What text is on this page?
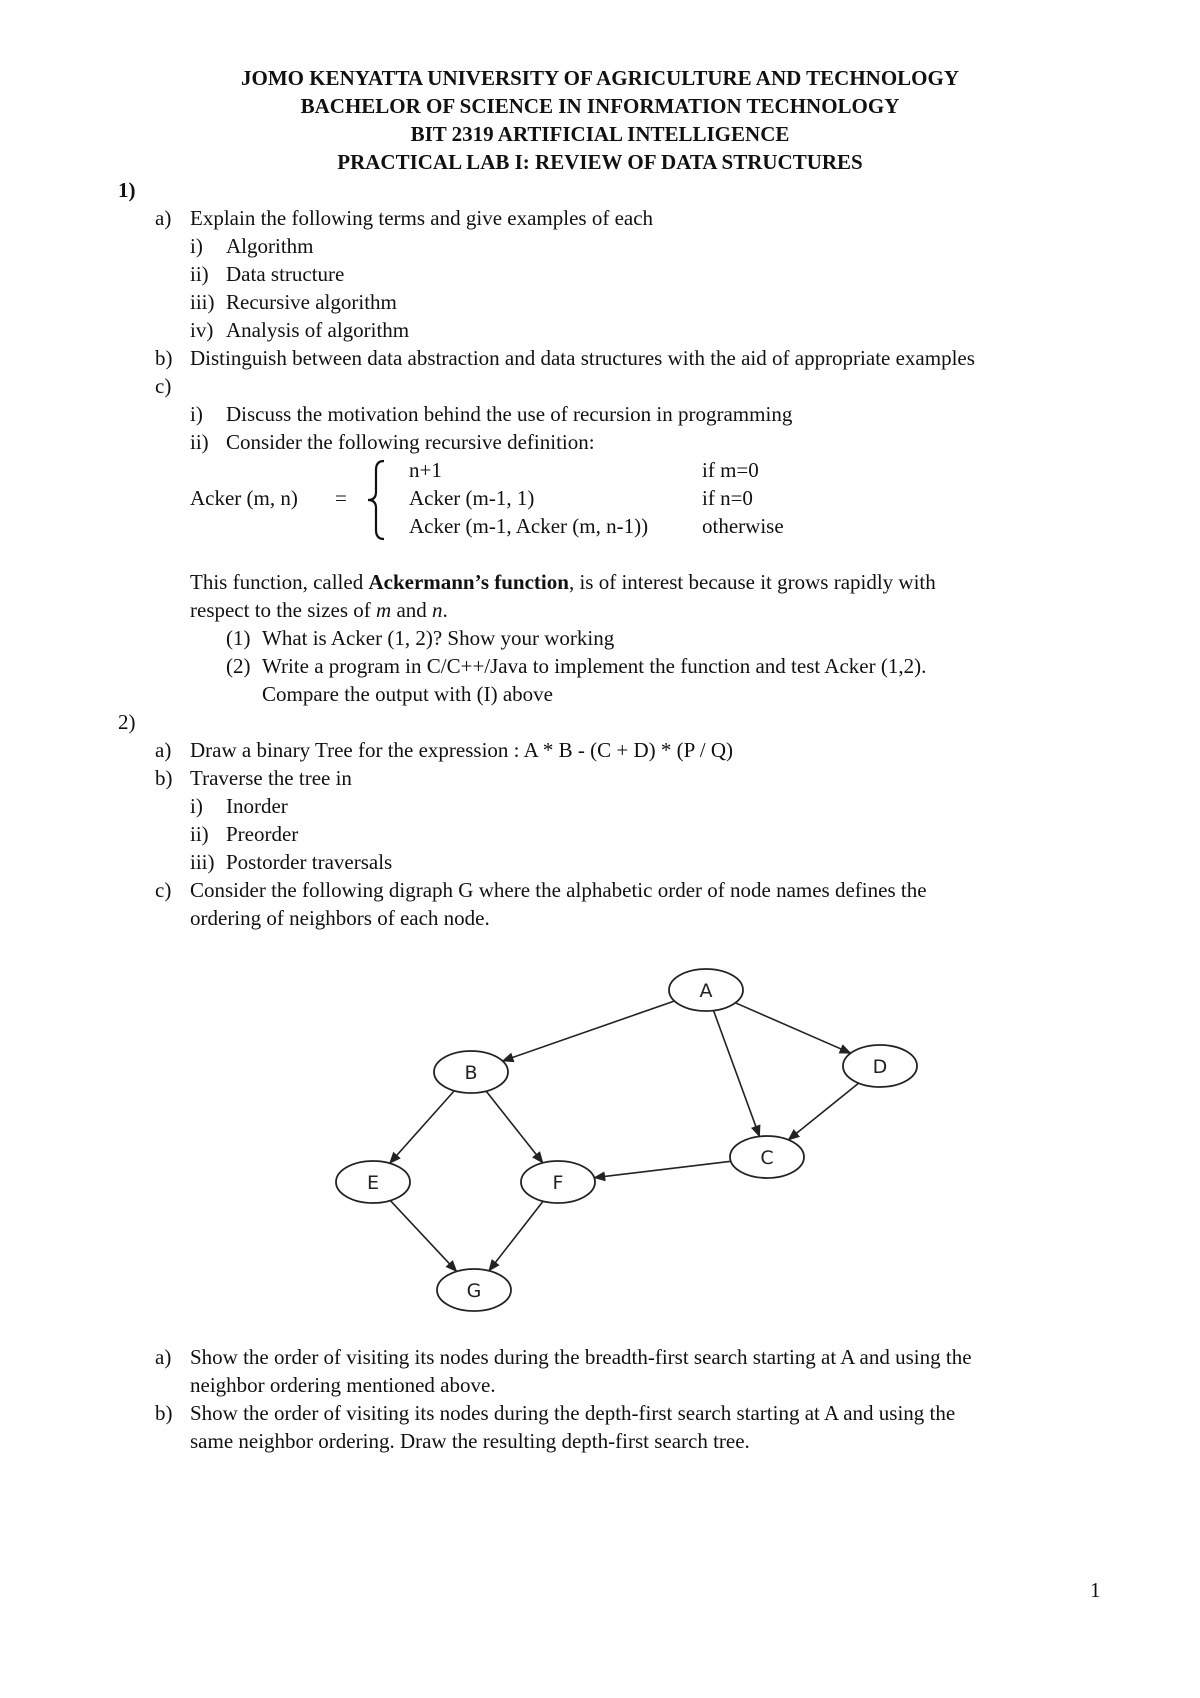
JOMO KENYATTA UNIVERSITY OF AGRICULTURE AND TECHNOLOGY
BACHELOR OF SCIENCE IN INFORMATION TECHNOLOGY
BIT 2319 ARTIFICIAL INTELLIGENCE
PRACTICAL LAB I: REVIEW OF DATA STRUCTURES
1)
a) Explain the following terms and give examples of each
i) Algorithm
ii) Data structure
iii) Recursive algorithm
iv) Analysis of algorithm
b) Distinguish between data abstraction and data structures with the aid of appropriate examples
c)
i) Discuss the motivation behind the use of recursion in programming
ii) Consider the following recursive definition:
Acker (m, n) =
n+1	if m=0
Acker (m-1, 1)	if n=0
Acker (m-1, Acker (m, n-1))	otherwise
This function, called Ackermann’s function, is of interest because it grows rapidly with
respect to the sizes of m and n.
(1) What is Acker (1, 2)? Show your working
(2) Write a program in C/C++/Java to implement the function and test Acker (1,2).
Compare the output with (I) above
2)
a) Draw a binary Tree for the expression : A * B - (C + D) * (P / Q)
b) Traverse the tree in
i) Inorder
ii) Preorder
iii) Postorder traversals
c) Consider the following digraph G where the alphabetic order of node names defines the
ordering of neighbors of each node.
A
B
C
D
E	F
G
a) Show the order of visiting its nodes during the breadth-first search starting at A and using the
neighbor ordering mentioned above.
b) Show the order of visiting its nodes during the depth-first search starting at A and using the
same neighbor ordering. Draw the resulting depth-first search tree.
1
